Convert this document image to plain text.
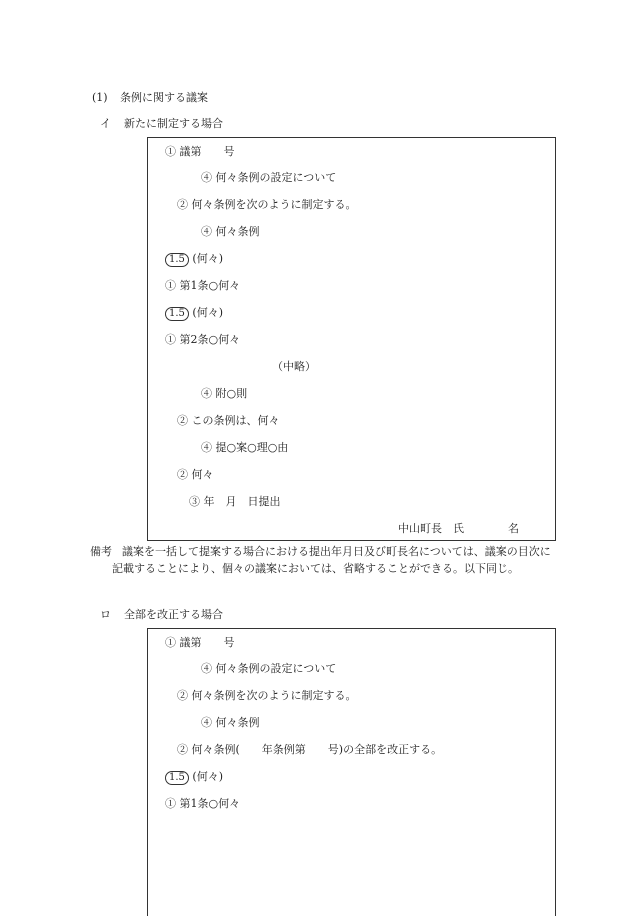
(1) 条例に関する議案
イ 新たに制定する場合
① 議第　　号
④ 何々条例の設定について
② 何々条例を次のように制定する。
④ 何々条例
1.5 (何々)
① 第1条○何々
1.5 (何々)
① 第2条○何々
（中略）
④ 附○則
② この条例は、何々
④ 提○案○理○由
② 何々
③ 年　月　日提出
中山町長　氏　　　　名
備考 議案を一括して提案する場合における提出年月日及び町長名については、議案の目次に記載することにより、個々の議案においては、省略することができる。以下同じ。
ロ 全部を改正する場合
① 議第　　号
④ 何々条例の設定について
② 何々条例を次のように制定する。
④ 何々条例
② 何々条例(　　年条例第　　号)の全部を改正する。
1.5 (何々)
① 第1条○何々
